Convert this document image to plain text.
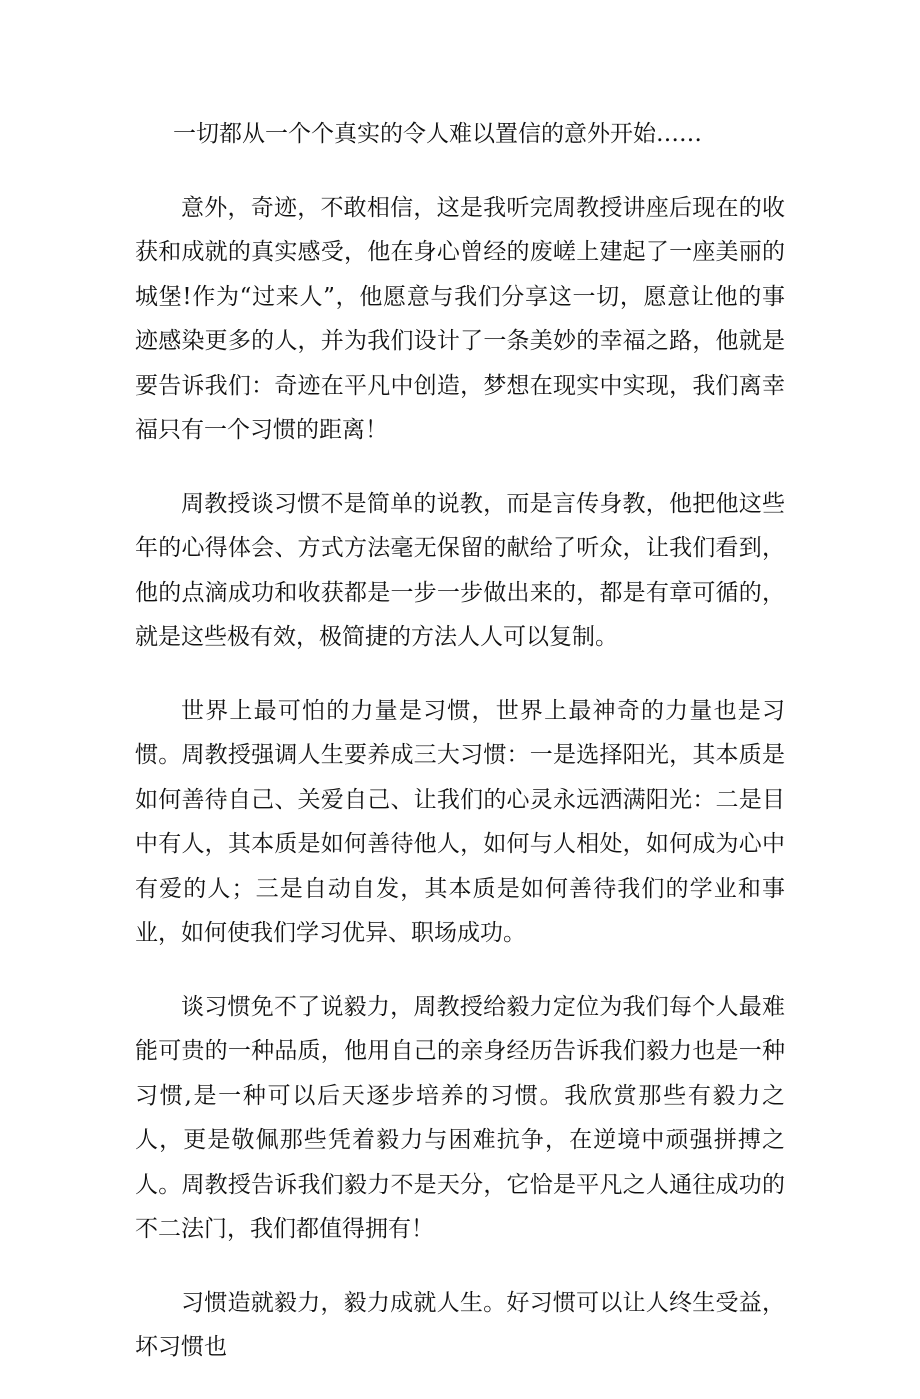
一切都从一个个真实的令人难以置信的意外开始……

意外，奇迹，不敢相信，这是我听完周教授讲座后现在的收获和成就的真实感受，他在身心曾经的废嵯上建起了一座美丽的城堡!作为“过来人”，他愿意与我们分享这一切，愿意让他的事迹感染更多的人，并为我们设计了一条美妙的幸福之路，他就是要告诉我们：奇迹在平凡中创造，梦想在现实中实现，我们离幸福只有一个习惯的距离！

周教授谈习惯不是简单的说教，而是言传身教，他把他这些年的心得体会、方式方法毫无保留的献给了听众，让我们看到，他的点滴成功和收获都是一步一步做出来的，都是有章可循的，就是这些极有效，极简捷的方法人人可以复制。

世界上最可怕的力量是习惯，世界上最神奇的力量也是习惯。周教授强调人生要养成三大习惯：一是选择阳光，其本质是如何善待自己、关爱自己、让我们的心灵永远洒满阳光：二是目中有人，其本质是如何善待他人，如何与人相处，如何成为心中有爱的人；三是自动自发，其本质是如何善待我们的学业和事业，如何使我们学习优异、职场成功。

谈习惯免不了说毅力，周教授给毅力定位为我们每个人最难能可贵的一种品质，他用自己的亲身经历告诉我们毅力也是一种习惯,是一种可以后天逐步培养的习惯。我欣赏那些有毅力之人，更是敬佩那些凭着毅力与困难抗争，在逆境中顽强拼搏之人。周教授告诉我们毅力不是天分，它恰是平凡之人通往成功的不二法门，我们都值得拥有！

习惯造就毅力，毅力成就人生。好习惯可以让人终生受益，坏习惯也
